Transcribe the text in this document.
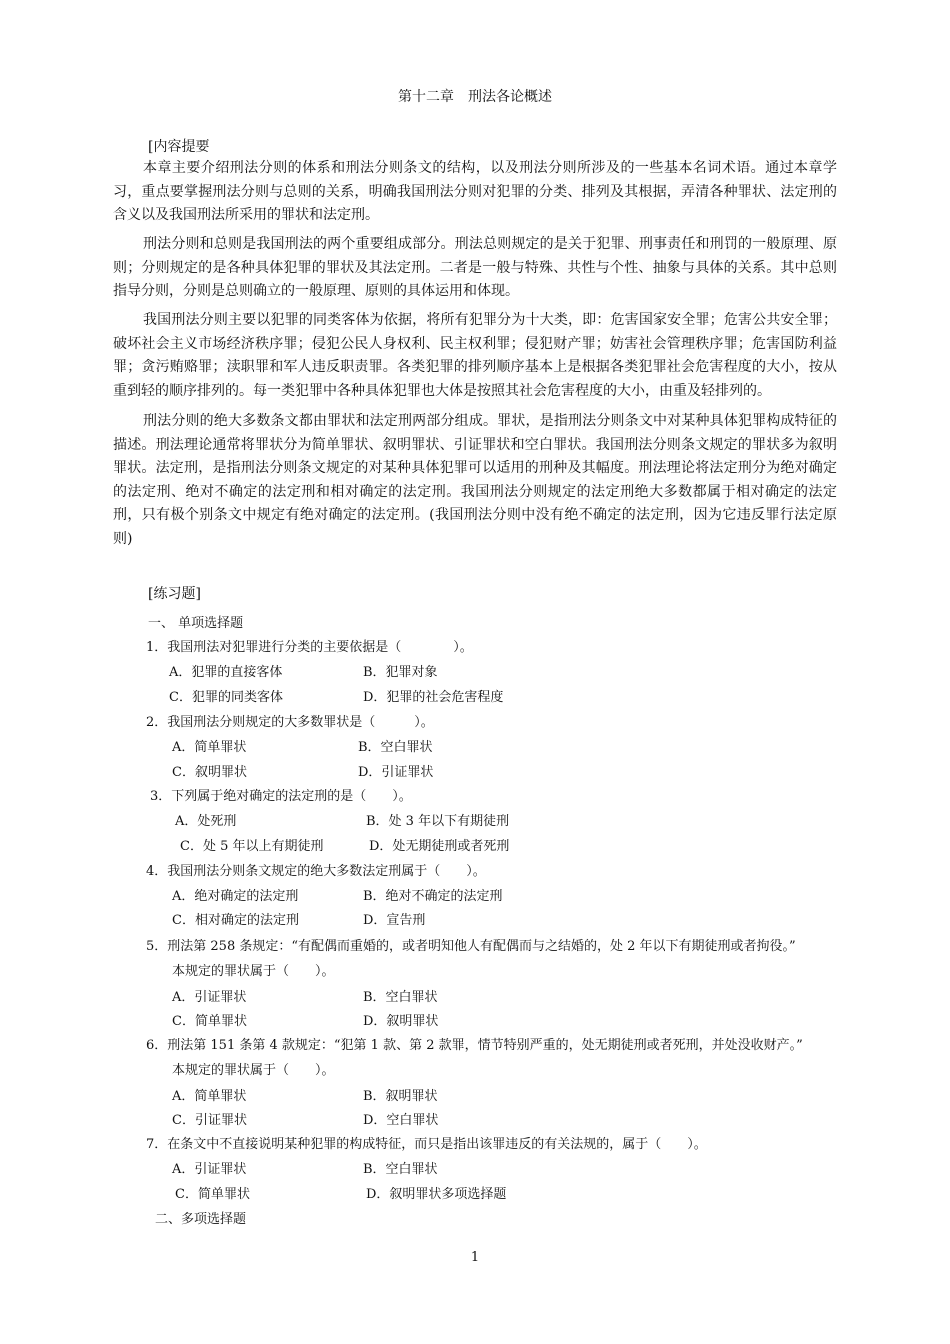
第十二章　刑法各论概述
[内容提要
本章主要介绍刑法分则的体系和刑法分则条文的结构，以及刑法分则所涉及的一些基本名词术语。通过本章学习，重点要掌握刑法分则与总则的关系，明确我国刑法分则对犯罪的分类、排列及其根据，弄清各种罪状、法定刑的含义以及我国刑法所采用的罪状和法定刑。
刑法分则和总则是我国刑法的两个重要组成部分。刑法总则规定的是关于犯罪、刑事责任和刑罚的一般原理、原则；分则规定的是各种具体犯罪的罪状及其法定刑。二者是一般与特殊、共性与个性、抽象与具体的关系。其中总则指导分则，分则是总则确立的一般原理、原则的具体运用和体现。
我国刑法分则主要以犯罪的同类客体为依据，将所有犯罪分为十大类，即：危害国家安全罪；危害公共安全罪；破坏社会主义市场经济秩序罪；侵犯公民人身权利、民主权利罪；侵犯财产罪；妨害社会管理秩序罪；危害国防利益罪；贪污贿赂罪；渎职罪和军人违反职责罪。各类犯罪的排列顺序基本上是根据各类犯罪社会危害程度的大小，按从重到轻的顺序排列的。每一类犯罪中各种具体犯罪也大体是按照其社会危害程度的大小，由重及轻排列的。
刑法分则的绝大多数条文都由罪状和法定刑两部分组成。罪状，是指刑法分则条文中对某种具体犯罪构成特征的描述。刑法理论通常将罪状分为简单罪状、叙明罪状、引证罪状和空白罪状。我国刑法分则条文规定的罪状多为叙明罪状。法定刑，是指刑法分则条文规定的对某种具体犯罪可以适用的刑种及其幅度。刑法理论将法定刑分为绝对确定的法定刑、绝对不确定的法定刑和相对确定的法定刑。我国刑法分则规定的法定刑绝大多数都属于相对确定的法定刑，只有极个别条文中规定有绝对确定的法定刑。(我国刑法分则中没有绝不确定的法定刑，因为它违反罪行法定原则)
[练习题]
一、 单项选择题
1．我国刑法对犯罪进行分类的主要依据是（　　　　）。
A．犯罪的直接客体	B．犯罪对象
C．犯罪的同类客体	D．犯罪的社会危害程度
2．我国刑法分则规定的大多数罪状是（　　　）。
A．简单罪状	B．空白罪状
C．叙明罪状	D．引证罪状
3．下列属于绝对确定的法定刑的是（　　）。
A．处死刑	B．处 3 年以下有期徒刑
C．处 5 年以上有期徒刑	D．处无期徒刑或者死刑
4．我国刑法分则条文规定的绝大多数法定刑属于（　　）。
A．绝对确定的法定刑	B．绝对不确定的法定刑
C．相对确定的法定刑	D．宣告刑
5．刑法第 258 条规定：“有配偶而重婚的，或者明知他人有配偶而与之结婚的，处 2 年以下有期徒刑或者拘役。”
本规定的罪状属于（　　）。
A．引证罪状	B．空白罪状
C．简单罪状	D．叙明罪状
6．刑法第 151 条第 4 款规定：“犯第 1 款、第 2 款罪，情节特别严重的，处无期徒刑或者死刑，并处没收财产。”
本规定的罪状属于（　　）。
A．简单罪状	B．叙明罪状
C．引证罪状	D．空白罪状
7．在条文中不直接说明某种犯罪的构成特征，而只是指出该罪违反的有关法规的，属于（　　）。
A．引证罪状	B．空白罪状
C．简单罪状	D．叙明罪状多项选择题
二、多项选择题
1
